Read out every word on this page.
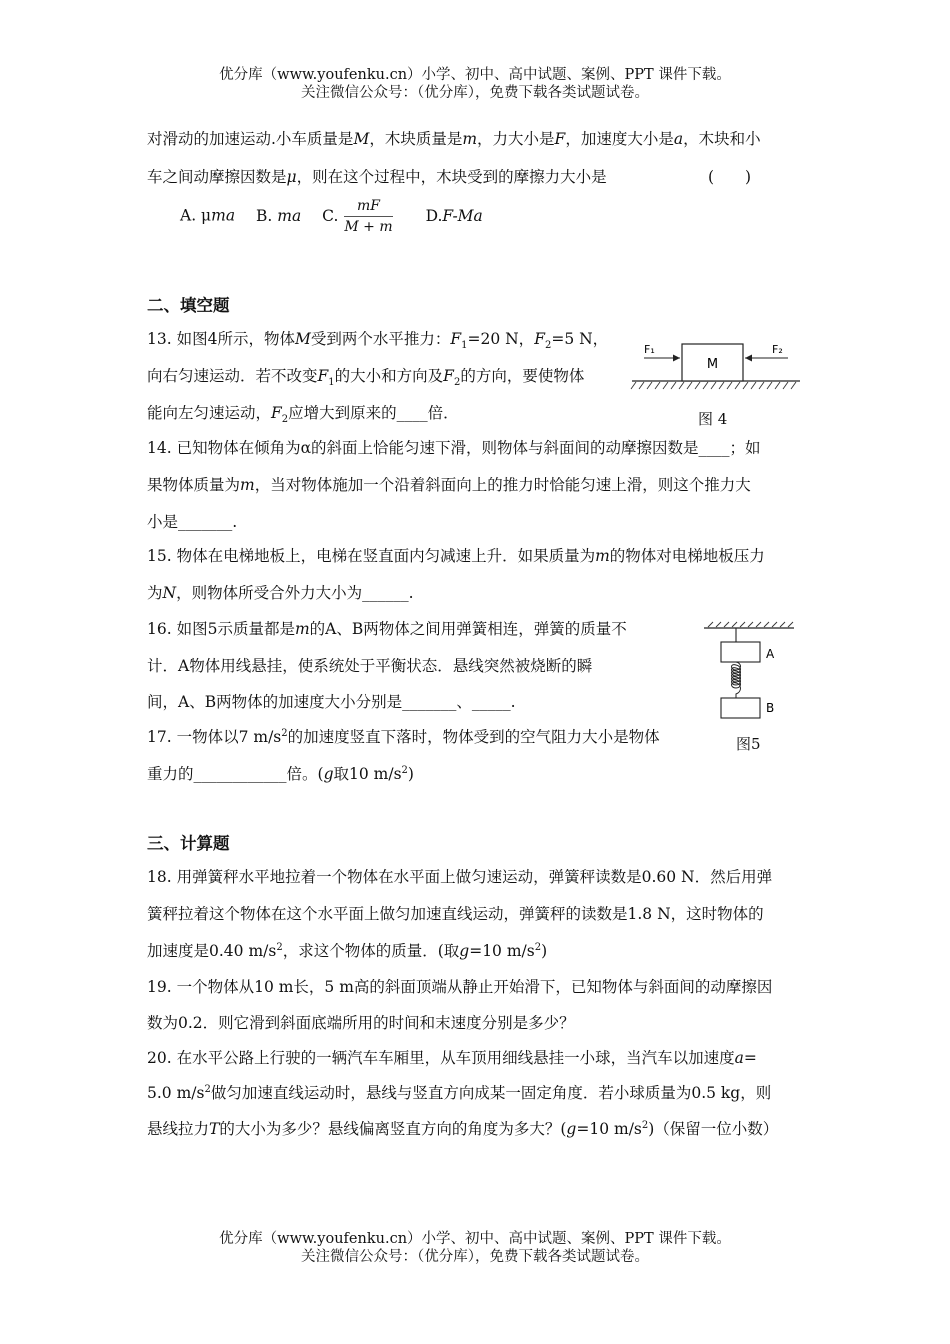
优分库（www.youfenku.cn）小学、初中、高中试题、案例、PPT 课件下载。
关注微信公众号：（优分库），免费下载各类试题试卷。
对滑动的加速运动.小车质量是M，木块质量是m，力大小是F，加速度大小是a，木块和小
车之间动摩擦因数是μ，则在这个过程中，木块受到的摩擦力大小是	(　　)
A. μma B. ma C. $\frac{mF}{M + m} D.F-Ma$
二、填空题
13. 如图4所示，物体M受到两个水平推力：$F_1=20$ N，$F_2=5$ N，
向右匀速运动．若不改变$F_1$的大小和方向及$F_2$的方向，要使物体
能向左匀速运动，$F_2$应增大到原来的____倍．
M
F₁	F₂
图 4
14. 已知物体在倾角为α的斜面上恰能匀速下滑，则物体与斜面间的动摩擦因数是____；如
果物体质量为m，当对物体施加一个沿着斜面向上的推力时恰能匀速上滑，则这个推力大
小是_______.
15. 物体在电梯地板上，电梯在竖直面内匀减速上升．如果质量为m的物体对电梯地板压力
为N，则物体所受合外力大小为______.
16. 如图5示质量都是m的A、B两物体之间用弹簧相连，弹簧的质量不
计．A物体用线悬挂，使系统处于平衡状态．悬线突然被烧断的瞬
间，A、B两物体的加速度大小分别是_______、_____.
A
B
图5
17. 一物体以7 $m/s^2$的加速度竖直下落时，物体受到的空气阻力大小是物体
重力的____________倍。(g取10 $m/s^2$)
三、计算题
18. 用弹簧秤水平地拉着一个物体在水平面上做匀速运动，弹簧秤读数是0.60 N．然后用弹
簧秤拉着这个物体在这个水平面上做匀加速直线运动，弹簧秤的读数是1.8 N，这时物体的
加速度是0.40 $m/s^2$，求这个物体的质量．(取g=10 $m/s^2$)
19. 一个物体从10 m长，5 m高的斜面顶端从静止开始滑下，已知物体与斜面间的动摩擦因
数为0.2．则它滑到斜面底端所用的时间和末速度分别是多少？
20. 在水平公路上行驶的一辆汽车车厢里，从车顶用细线悬挂一小球，当汽车以加速度a=
5.0 $m/s^2$做匀加速直线运动时，悬线与竖直方向成某一固定角度．若小球质量为0.5 kg，则
悬线拉力T的大小为多少？悬线偏离竖直方向的角度为多大？(g=10 $m/s^2$)（保留一位小数）
优分库（www.youfenku.cn）小学、初中、高中试题、案例、PPT 课件下载。
关注微信公众号：（优分库），免费下载各类试题试卷。
